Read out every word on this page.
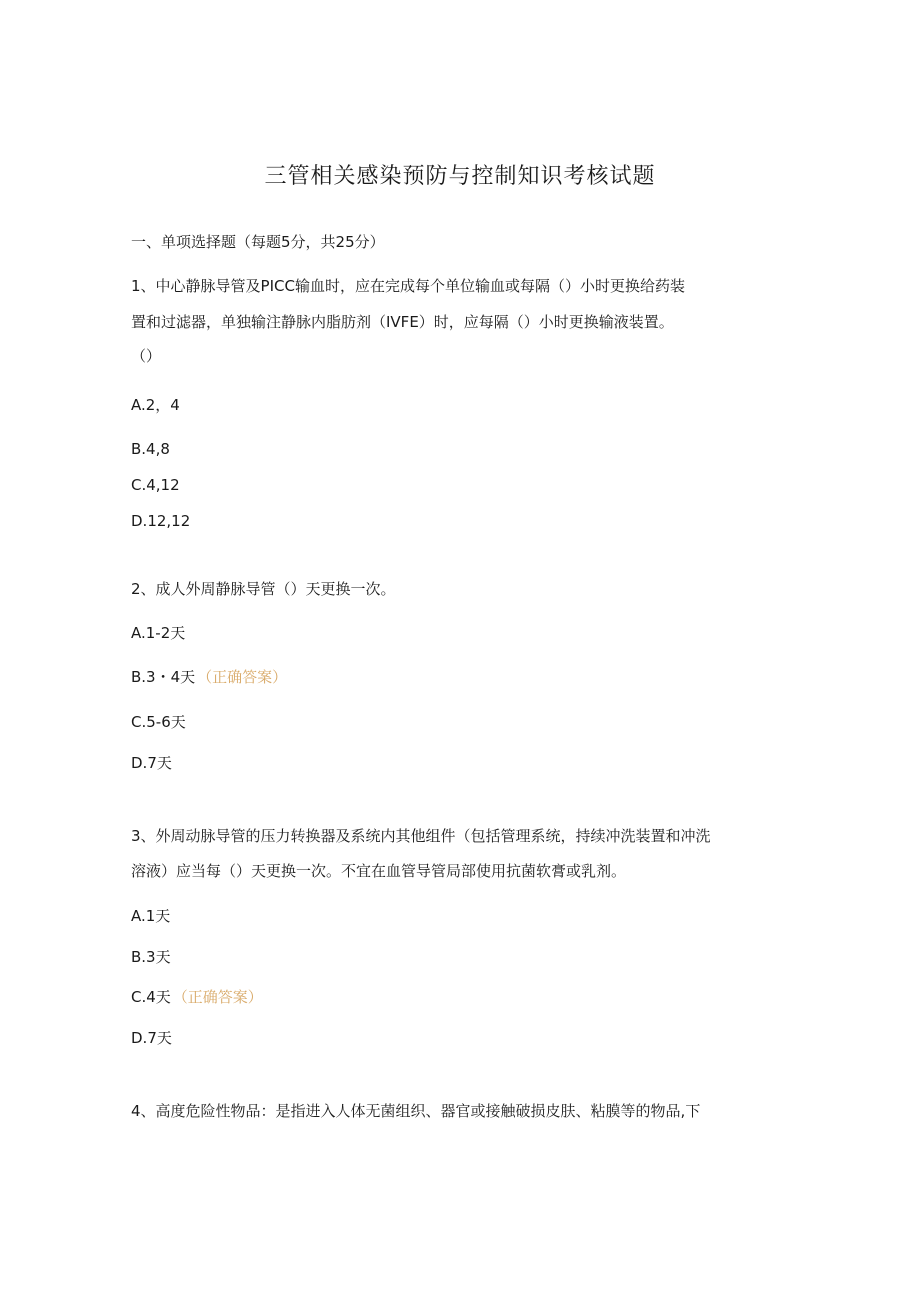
三管相关感染预防与控制知识考核试题
一、单项选择题（每题5分，共25分）
1、中心静脉导管及PICC输血时，应在完成每个单位输血或每隔（）小时更换给药装
置和过滤器，单独输注静脉内脂肪剂（IVFE）时，应每隔（）小时更换输液装置。
（）
A.2，4
B.4,8
C.4,12
D.12,12
2、成人外周静脉导管（）天更换一次。
A.1-2天
B.3・4天 （正确答案）
C.5-6天
D.7天
3、外周动脉导管的压力转换器及系统内其他组件（包括管理系统，持续冲洗装置和冲洗
溶液）应当每（）天更换一次。不宜在血管导管局部使用抗菌软膏或乳剂。
A.1天
B.3天
C.4天 （正确答案）
D.7天
4、高度危险性物品：是指进入人体无菌组织、器官或接触破损皮肤、粘膜等的物品,下
